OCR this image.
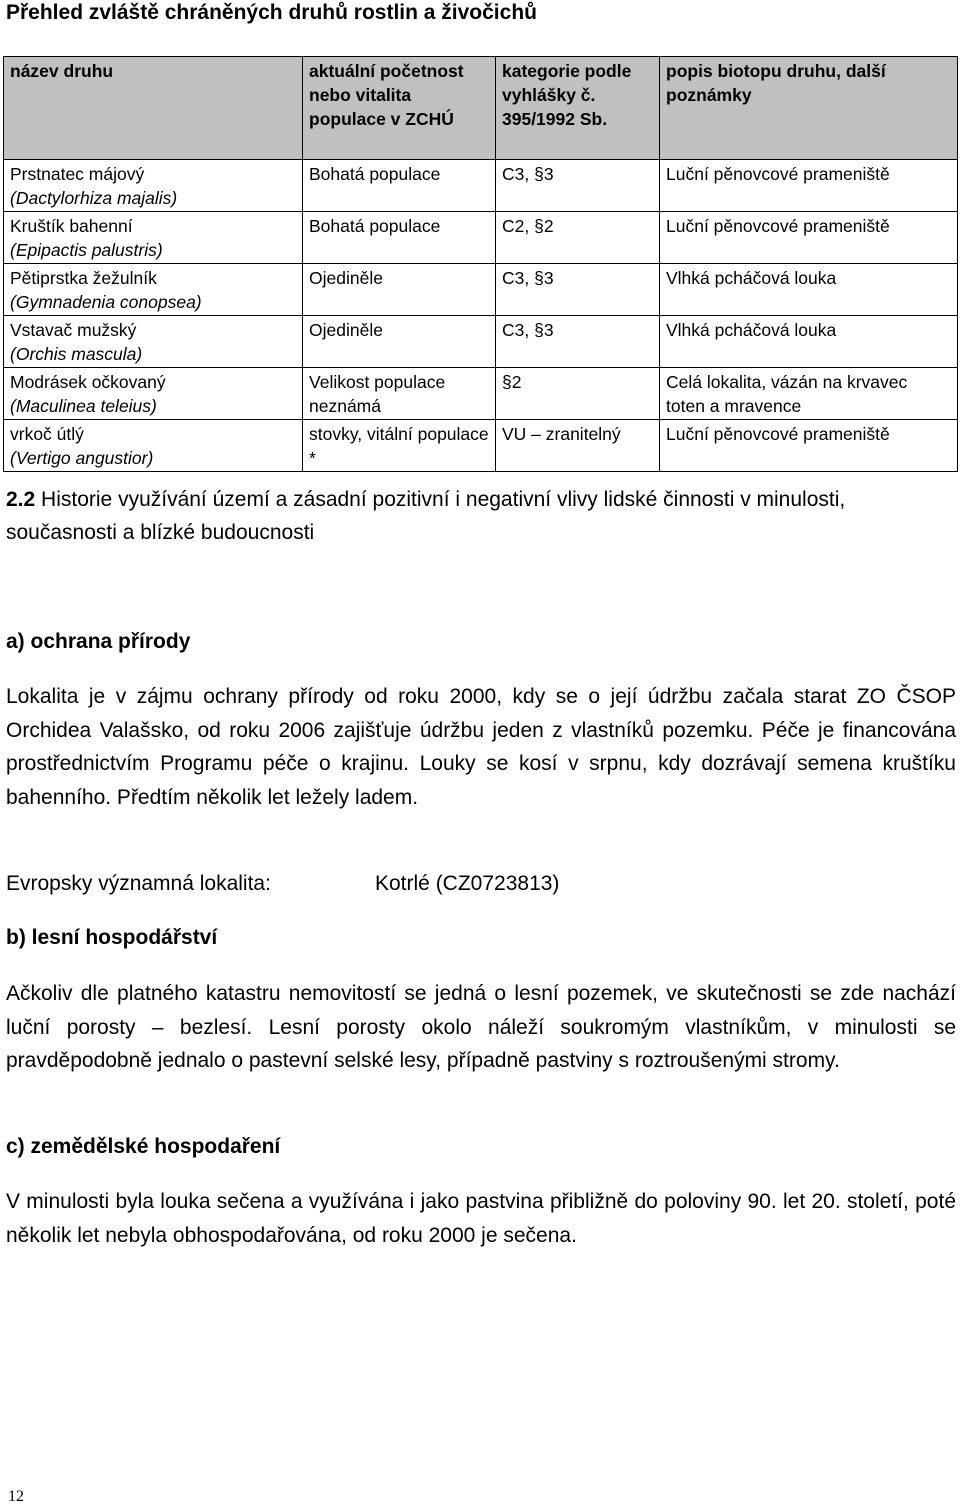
Přehled zvláště chráněných druhů rostlin a živočichů
název druhu	aktuální početnost nebo vitalita populace v ZCHÚ	kategorie podle vyhlášky č. 395/1992 Sb.	popis biotopu druhu, další poznámky

Prstnatec májový
(Dactylorhiza majalis)	Bohatá populace	C3, §3	Luční pěnovcové prameniště

Kruštík bahenní
(Epipactis palustris)	Bohatá populace	C2, §2	Luční pěnovcové prameniště

Pětiprstka žežulník
(Gymnadenia conopsea)	Ojediněle	C3, §3	Vlhká pcháčová louka

Vstavač mužský
(Orchis mascula)	Ojediněle	C3, §3	Vlhká pcháčová louka

Modrásek očkovaný
(Maculinea teleius)	Velikost populace neznámá	§2	Celá lokalita, vázán na krvavec toten a mravence

vrkoč útlý
(Vertigo angustior)	stovky, vitální populace *	VU – zranitelný	Luční pěnovcové prameniště
2.2 Historie využívání území a zásadní pozitivní i negativní vlivy lidské činnosti v minulosti, současnosti a blízké budoucnosti
a) ochrana přírody
Lokalita je v zájmu ochrany přírody od roku 2000, kdy se o její údržbu začala starat ZO ČSOP Orchidea Valašsko, od roku 2006 zajišťuje údržbu jeden z vlastníků pozemku. Péče je financována prostřednictvím Programu péče o krajinu. Louky se kosí v srpnu, kdy dozrávají semena kruštíku bahenního. Předtím několik let ležely ladem.
Evropsky významná lokalita:	Kotrlé (CZ0723813)
b) lesní hospodářství
Ačkoliv dle platného katastru nemovitostí se jedná o lesní pozemek, ve skutečnosti se zde nachází luční porosty – bezlesí. Lesní porosty okolo náleží soukromým vlastníkům, v minulosti se pravděpodobně jednalo o pastevní selské lesy, případně pastviny s roztroušenými stromy.
c) zemědělské hospodaření
V minulosti byla louka sečena a využívána i jako pastvina přibližně do poloviny 90. let 20. století, poté několik let nebyla obhospodařována, od roku 2000 je sečena.
12
